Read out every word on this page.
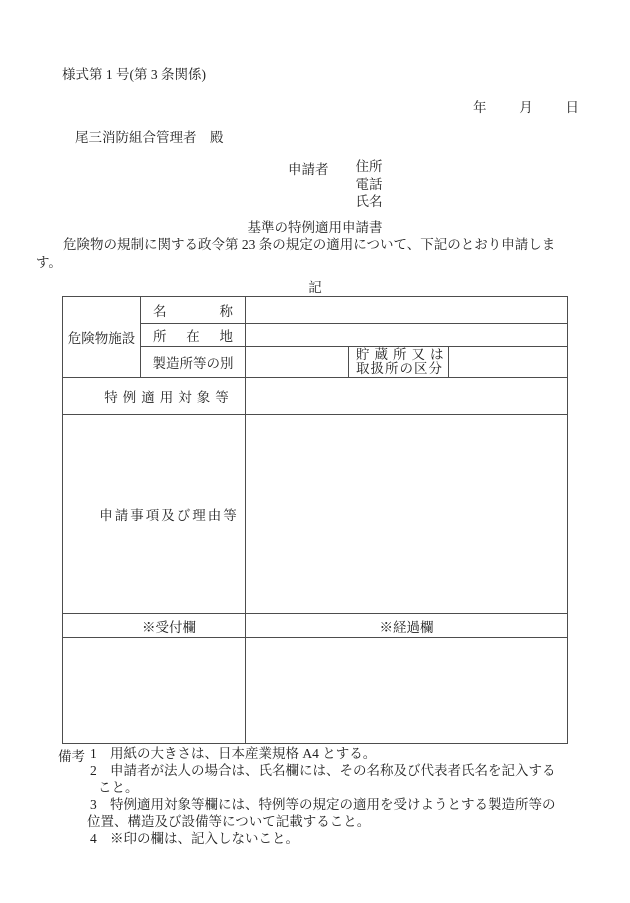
様式第 1 号(第 3 条関係)
年 月 日
尾三消防組合管理者　殿
申請者 住所
電話
氏名
基準の特例適用申請書
危険物の規制に関する政令第 23 条の規定の適用について、下記のとおり申請しま
す。
記
危険物施設	名 称			

	所 在 地			

	製造所等の別		貯蔵所又は
取扱所の区分	

特例適用対象等				
申請事項及び理由等				
※受付欄		※経過欄		

備考 1 用紙の大きさは、日本産業規格 A4 とする。
2 申請者が法人の場合は、氏名欄には、その名称及び代表者氏名を記入する
こと。
3 特例適用対象等欄には、特例等の規定の適用を受けようとする製造所等の
位置、構造及び設備等について記載すること。
4 ※印の欄は、記入しないこと。
